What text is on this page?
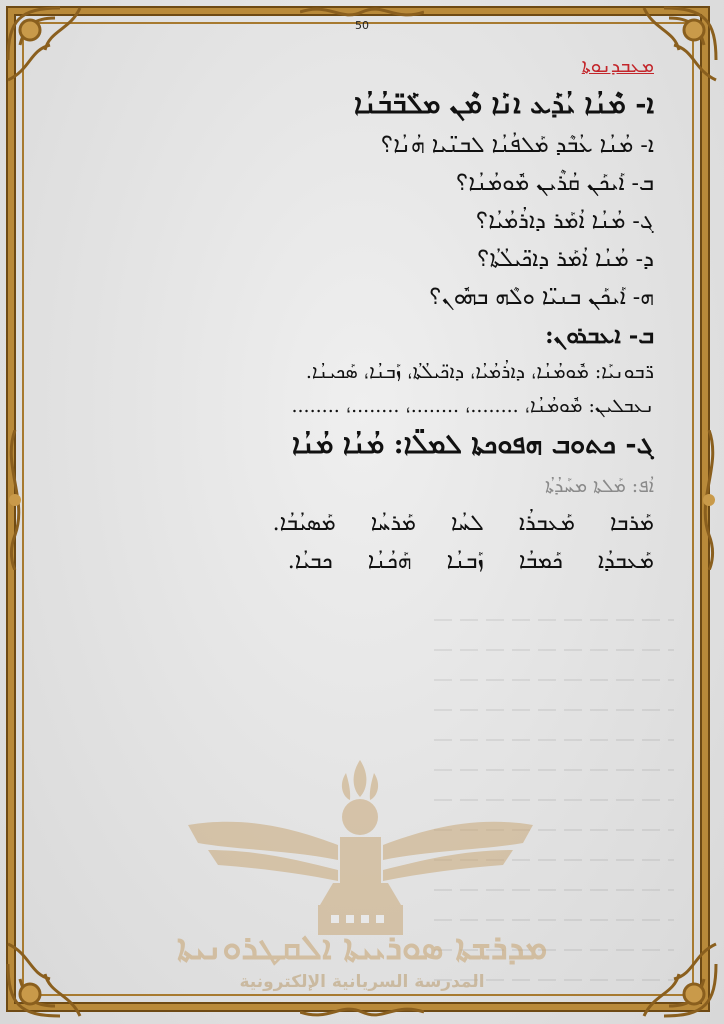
50
ܡܥܒܕܢܘܬܐ
ܐ- ܡܶܢܳܐ ܝܳܕܰܥ ܐܢܰܐ ܡܶܢ ܡܠܰܒ̈ܒܳܢܳܐ
ܐ- ܡܳܢܳܐ ܥܳܒܶܕ ܡܰܠܦܳܢܳܐ ܠܒܢ̈ܝܐ ܗܳܢܳܐ؟
ܒ- ܐܰܝܟܰܢ ܩܳܪܶܝܢ ܡܽܘܡܳܢܳܐ؟
ܓ- ܡܳܢܳܐ ܐܳܡܰܪ ܕܐܪܳܡܳܝܳܐ؟
ܕ- ܡܳܢܳܐ ܐܳܡܰܪ ܕܐܟ̈ܝܠܳܬܳܐ؟
ܗ- ܐܰܝܟܰܢ ܒܢܝ̈ܐ ܘܠܶܗ ܒܗܽܘܢ؟
ܒ- ܐܥܒܪܘܢ:
ܪ̈ܒܘܢܝܰܐ: ܡܽܘܡܳܢܳܐ، ܕܐܪܳܡܳܝܳܐ، ܕܐܟ̈ܝܠܳܬܳܐ، ܙܰܒܢܳܐ، ܣܰܟܝܢܳܐ.
ܢܥܒܠܝܢ: ܡܽܘܡܳܢܳܐ، ........، ........، ........، ........
ܓ- ܟܬܘܒ ܗܦܘܟܬܐ ܠܡܠ̈ܐ: ܡܳܢܳܐ ܡܳܢܳܐ
ܐܳܦ: ܡܰܠܬܐ ܡܚܰܕܳܬܳܐ
ܡܰܪܒܐ ܡܰܥܒܪܳܐ ܠܚܳܐ ܡܰܪܚܳܐ ܡܰܣܝܳܒܳܐ.
ܡܰܥܒܕܳܐ ܟܰܡܒܳܐ ܙܰܒܢܳܐ ܗܰܟܳܢܳܐ ܟܒܝܳܐ.
ܡܕܪܫܬܐ ܣܘܪܝܝܬܐ ܐܠܩܛܪܘܢܝܬܐ
المدرسة السريانية الإلكترونية
